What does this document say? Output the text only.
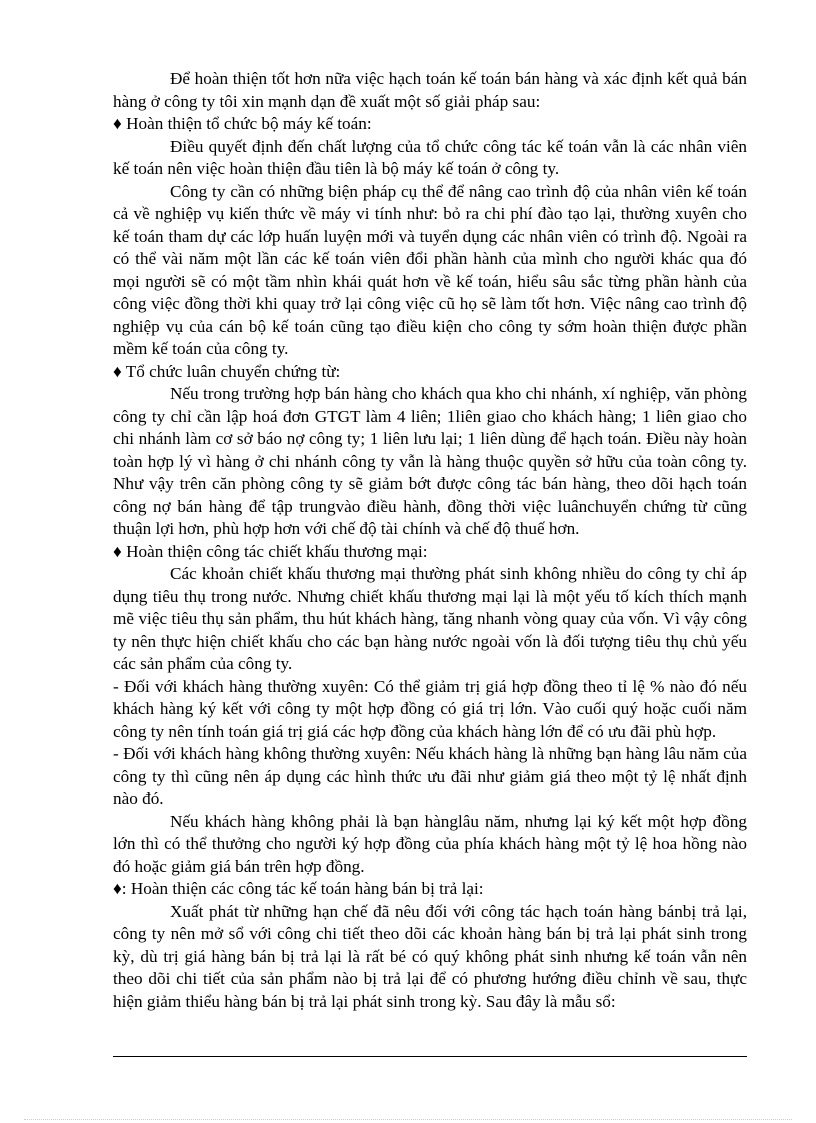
Để hoàn thiện tốt hơn nữa việc hạch toán kế toán bán hàng và xác định kết quả bán hàng ở công ty tôi xin mạnh dạn đề xuất một số giải pháp sau:

♦ Hoàn thiện tổ chức bộ máy kế toán:

Điều quyết định đến chất lượng của tổ chức công tác kế toán vẫn là các nhân viên kế toán nên việc hoàn thiện đầu tiên là bộ máy kế toán ở công ty.

Công ty cần có những biện pháp cụ thể để nâng cao trình độ của nhân viên kế toán cả về nghiệp vụ kiến thức về máy vi tính như: bỏ ra chi phí đào tạo lại, thường xuyên cho kế toán tham dự các lớp huấn luyện mới và tuyển dụng các nhân viên có trình độ. Ngoài ra có thể vài năm một lần các kế toán viên đổi phần hành của mình cho người khác qua đó mọi người sẽ có một tầm nhìn khái quát hơn về kế toán, hiểu sâu sắc từng phần hành của công việc đồng thời khi quay trở lại công việc cũ họ sẽ làm tốt hơn. Việc nâng cao trình độ nghiệp vụ của cán bộ kế toán cũng tạo điều kiện cho công ty sớm hoàn thiện được phần mềm kế toán của công ty.

♦ Tổ chức luân chuyển chứng từ:

Nếu trong trường hợp bán hàng cho khách qua kho chi nhánh, xí nghiệp, văn phòng công ty chỉ cần lập hoá đơn GTGT làm 4 liên; 1liên giao cho khách hàng; 1 liên giao cho chi nhánh làm cơ sở báo nợ công ty; 1 liên lưu lại; 1 liên dùng để hạch toán. Điều này hoàn toàn hợp lý vì hàng ở chi nhánh công ty vẫn là hàng thuộc quyền sở hữu của toàn công ty. Như vậy trên căn phòng công ty sẽ giảm bớt được công tác bán hàng, theo dõi hạch toán công nợ bán hàng để tập trungvào điều hành, đồng thời việc luânchuyển chứng từ cũng thuận lợi hơn, phù hợp hơn với chế độ tài chính và chế độ thuế hơn.

♦ Hoàn thiện công tác chiết khấu thương mại:

Các khoản chiết khấu thương mại thường phát sinh không nhiều do công ty chỉ áp dụng tiêu thụ trong nước. Nhưng chiết khấu thương mại lại là một yếu tố kích thích mạnh mẽ việc tiêu thụ sản phẩm, thu hút khách hàng, tăng nhanh vòng quay của vốn. Vì vậy công ty nên thực hiện chiết khấu cho các bạn hàng nước ngoài vốn là đối tượng tiêu thụ chủ yếu các sản phẩm của công ty.

- Đối với khách hàng thường xuyên: Có thể giảm trị giá hợp đồng theo tỉ lệ % nào đó nếu khách hàng ký kết với công ty một hợp đồng có giá trị lớn. Vào cuối quý hoặc cuối năm công ty nên tính toán giá trị giá các hợp đồng của khách hàng lớn để có ưu đãi phù hợp.

- Đối với khách hàng không thường xuyên: Nếu khách hàng là những bạn hàng lâu năm của công ty thì cũng nên áp dụng các hình thức ưu đãi như giảm giá theo một tỷ lệ nhất định nào đó.

Nếu khách hàng không phải là bạn hànglâu năm, nhưng lại ký kết một hợp đồng lớn thì có thể thưởng cho người ký hợp đồng của phía khách hàng một tỷ lệ hoa hồng nào đó hoặc giảm giá bán trên hợp đồng.

♦: Hoàn thiện các công tác kế toán hàng bán bị trả lại:

Xuất phát từ những hạn chế đã nêu đối với công tác hạch toán hàng bánbị trả lại, công ty nên mở sổ với công chi tiết theo dõi các khoản hàng bán bị trả lại phát sinh trong kỳ, dù trị giá hàng bán bị trả lại là rất bé có quý không phát sinh nhưng kế toán vẫn nên theo dõi chi tiết của sản phẩm nào bị trả lại để có phương hướng điều chỉnh về sau, thực hiện giảm thiểu hàng bán bị trả lại phát sinh trong kỳ. Sau đây là mẫu sổ:
